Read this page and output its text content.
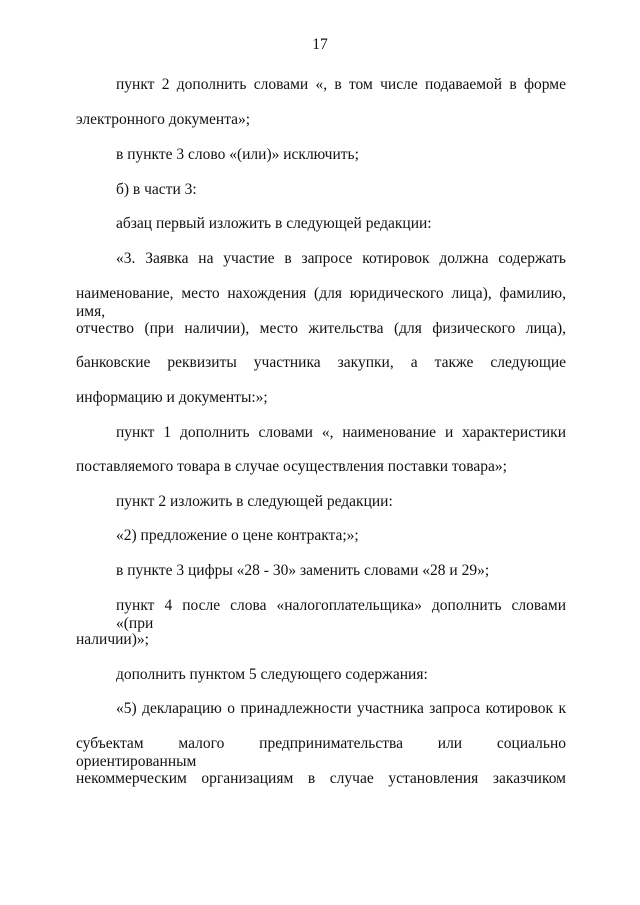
17
пункт 2 дополнить словами «, в том числе подаваемой в форме
электронного документа»;
в пункте 3 слово «(или)» исключить;
б) в части 3:
абзац первый изложить в следующей редакции:
«3. Заявка на участие в запросе котировок должна содержать
наименование, место нахождения (для юридического лица), фамилию, имя,
отчество (при наличии), место жительства (для физического лица),
банковские реквизиты участника закупки, а также следующие
информацию и документы:»;
пункт 1 дополнить словами «, наименование и характеристики
поставляемого товара в случае осуществления поставки товара»;
пункт 2 изложить в следующей редакции:
«2) предложение о цене контракта;»;
в пункте 3 цифры «28 - 30» заменить словами «28 и 29»;
пункт 4 после слова «налогоплательщика» дополнить словами «(при
наличии)»;
дополнить пунктом 5 следующего содержания:
«5) декларацию о принадлежности участника запроса котировок к
субъектам малого предпринимательства или социально ориентированным
некоммерческим организациям в случае установления заказчиком
